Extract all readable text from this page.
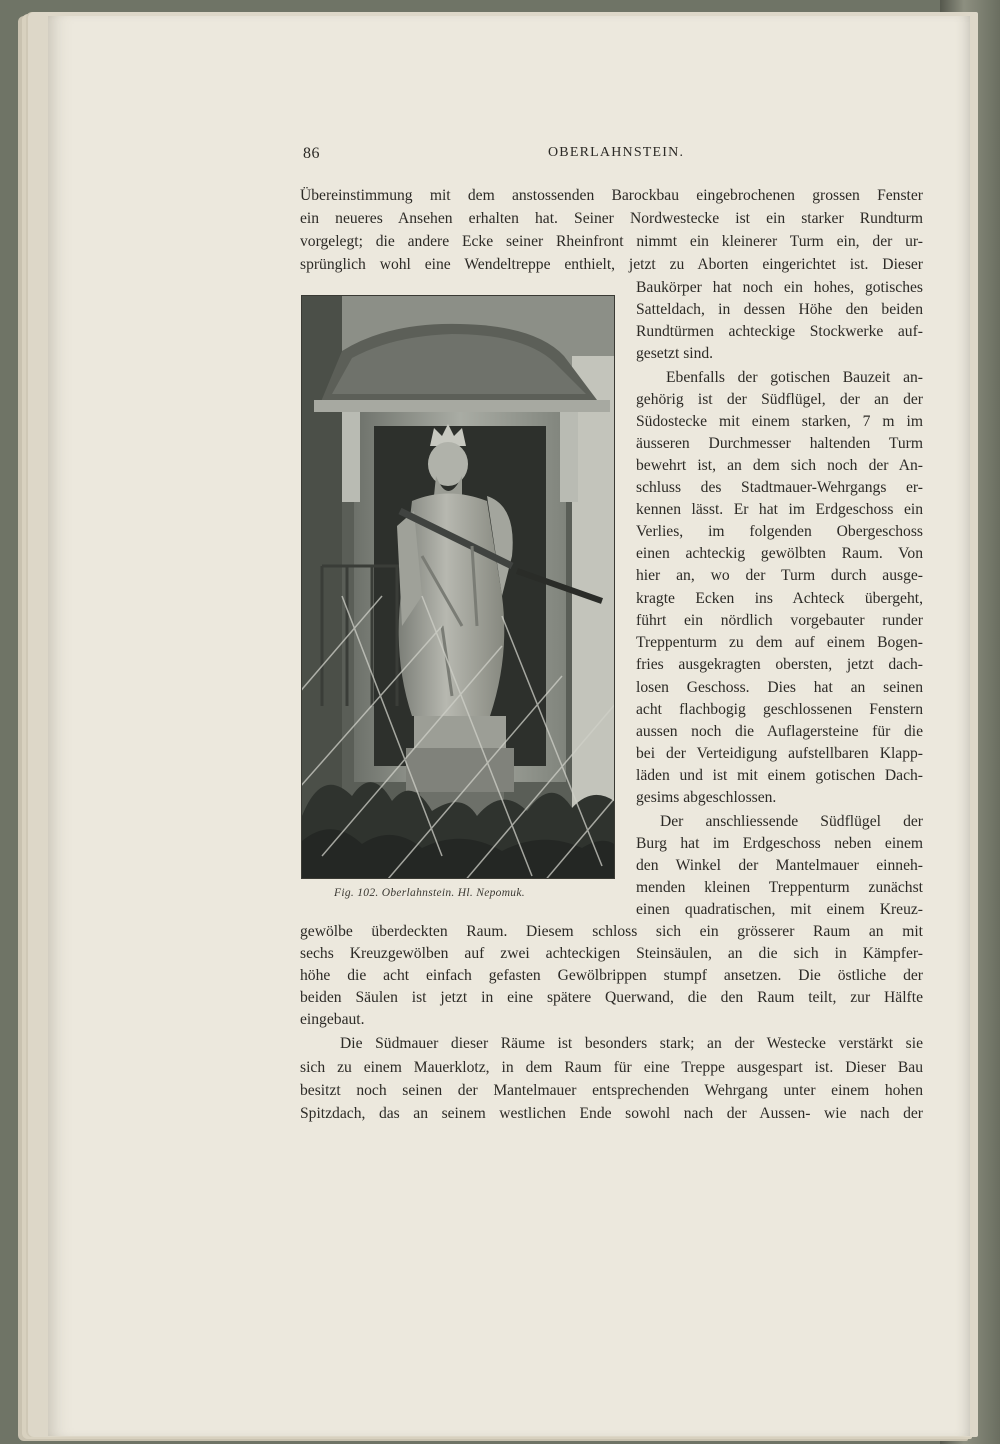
86	OBERLAHNSTEIN.
Übereinstimmung mit dem anstossenden Barockbau eingebrochenen grossen Fenster
ein neueres Ansehen erhalten hat. Seiner Nordwestecke ist ein starker Rundturm
vorgelegt; die andere Ecke seiner Rheinfront nimmt ein kleinerer Turm ein, der ur-
sprünglich wohl eine Wendeltreppe enthielt, jetzt zu Aborten eingerichtet ist. Dieser
Baukörper hat noch ein hohes, gotisches
Satteldach, in dessen Höhe den beiden
Rundtürmen achteckige Stockwerke auf-
gesetzt sind.
Ebenfalls der gotischen Bauzeit an-
gehörig ist der Südflügel, der an der
Südostecke mit einem starken, 7 m im
äusseren Durchmesser haltenden Turm
bewehrt ist, an dem sich noch der An-
schluss des Stadtmauer-Wehrgangs er-
kennen lässt. Er hat im Erdgeschoss ein
Verlies, im folgenden Obergeschoss
einen achteckig gewölbten Raum. Von
hier an, wo der Turm durch ausge-
kragte Ecken ins Achteck übergeht,
führt ein nördlich vorgebauter runder
Treppenturm zu dem auf einem Bogen-
fries ausgekragten obersten, jetzt dach-
losen Geschoss. Dies hat an seinen
acht flachbogig geschlossenen Fenstern
aussen noch die Auflagersteine für die
bei der Verteidigung aufstellbaren Klapp-
läden und ist mit einem gotischen Dach-
gesims abgeschlossen.
Der anschliessende Südflügel der
Burg hat im Erdgeschoss neben einem
den Winkel der Mantelmauer einneh-
menden kleinen Treppenturm zunächst
einen quadratischen, mit einem Kreuz-
gewölbe überdeckten Raum. Diesem schloss sich ein grösserer Raum an mit
sechs Kreuzgewölben auf zwei achteckigen Steinsäulen, an die sich in Kämpfer-
höhe die acht einfach gefasten Gewölbrippen stumpf ansetzen. Die östliche der
beiden Säulen ist jetzt in eine spätere Querwand, die den Raum teilt, zur Hälfte
eingebaut.
Die Südmauer dieser Räume ist besonders stark; an der Westecke verstärkt sie
sich zu einem Mauerklotz, in dem Raum für eine Treppe ausgespart ist. Dieser Bau
besitzt noch seinen der Mantelmauer entsprechenden Wehrgang unter einem hohen
Spitzdach, das an seinem westlichen Ende sowohl nach der Aussen- wie nach der
Fig. 102. Oberlahnstein. Hl. Nepomuk.
